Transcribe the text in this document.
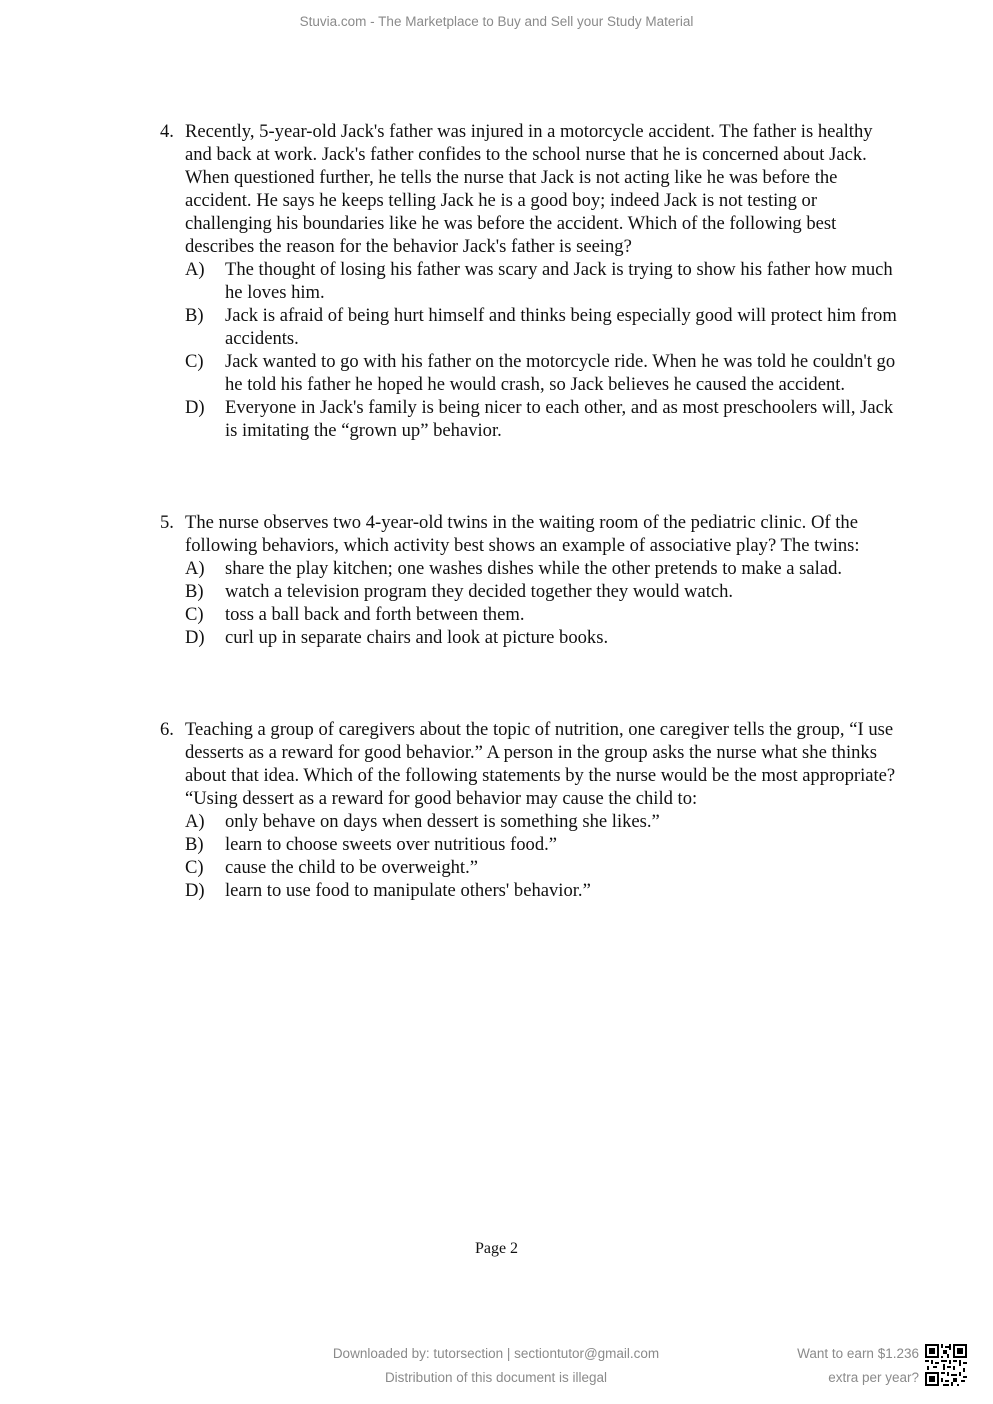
Stuvia.com - The Marketplace to Buy and Sell your Study Material
4. Recently, 5-year-old Jack's father was injured in a motorcycle accident. The father is healthy and back at work. Jack's father confides to the school nurse that he is concerned about Jack. When questioned further, he tells the nurse that Jack is not acting like he was before the accident. He says he keeps telling Jack he is a good boy; indeed Jack is not testing or challenging his boundaries like he was before the accident. Which of the following best describes the reason for the behavior Jack's father is seeing?
A) The thought of losing his father was scary and Jack is trying to show his father how much he loves him.
B) Jack is afraid of being hurt himself and thinks being especially good will protect him from accidents.
C) Jack wanted to go with his father on the motorcycle ride. When he was told he couldn't go he told his father he hoped he would crash, so Jack believes he caused the accident.
D) Everyone in Jack's family is being nicer to each other, and as most preschoolers will, Jack is imitating the “grown up” behavior.
5. The nurse observes two 4-year-old twins in the waiting room of the pediatric clinic. Of the following behaviors, which activity best shows an example of associative play? The twins:
A) share the play kitchen; one washes dishes while the other pretends to make a salad.
B) watch a television program they decided together they would watch.
C) toss a ball back and forth between them.
D) curl up in separate chairs and look at picture books.
6. Teaching a group of caregivers about the topic of nutrition, one caregiver tells the group, “I use desserts as a reward for good behavior.” A person in the group asks the nurse what she thinks about that idea. Which of the following statements by the nurse would be the most appropriate? “Using dessert as a reward for good behavior may cause the child to:
A) only behave on days when dessert is something she likes.”
B) learn to choose sweets over nutritious food.”
C) cause the child to be overweight.”
D) learn to use food to manipulate others' behavior.”
Page 2
Downloaded by: tutorsection | sectiontutor@gmail.com
Distribution of this document is illegal
Want to earn $1.236
extra per year?
